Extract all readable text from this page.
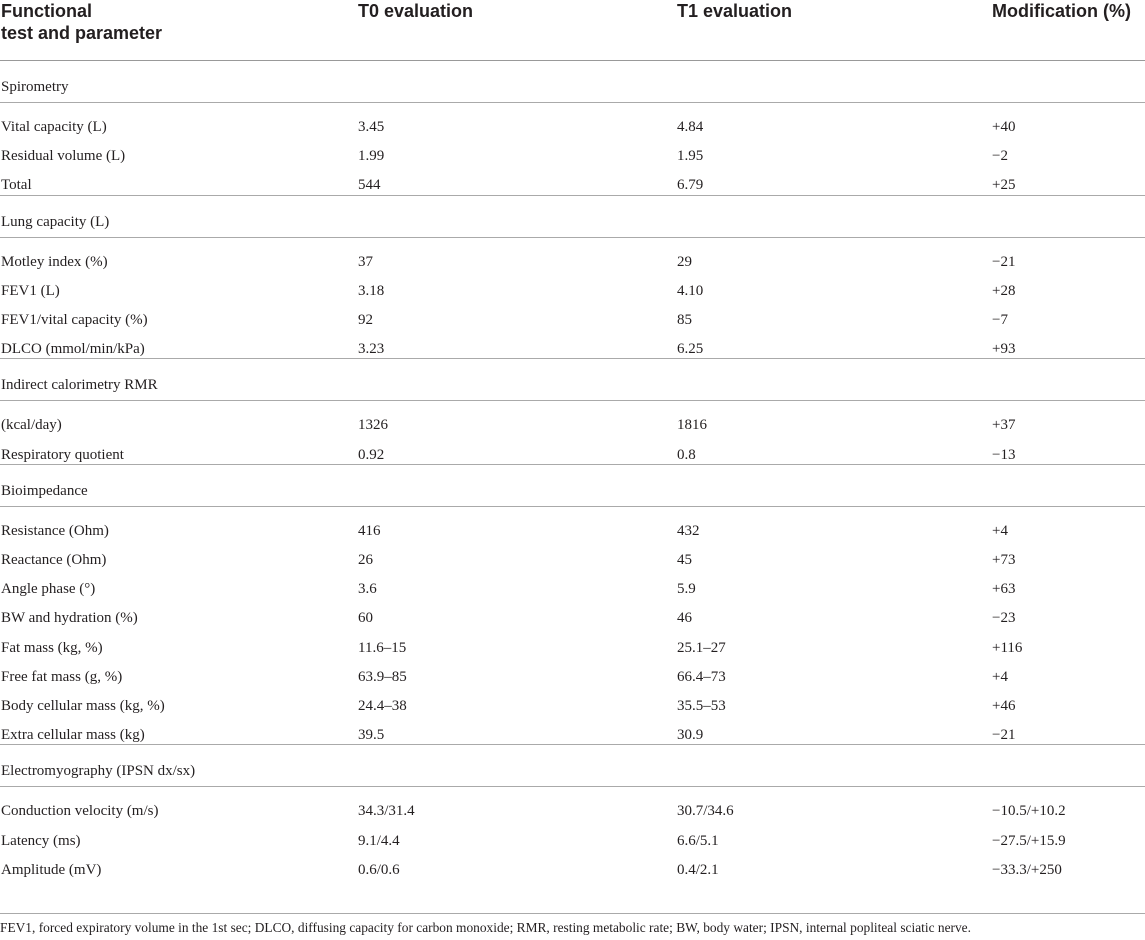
Functional
test and parameter
T0 evaluation	T1 evaluation	Modification (%)
Spirometry
Vital capacity (L)	3.45	4.84	+40
Residual volume (L)	1.99	1.95	−2
Total	544	6.79	+25
Lung capacity (L)
Motley index (%)	37	29	−21
FEV1 (L)	3.18	4.10	+28
FEV1/vital capacity (%)	92	85	−7
DLCO (mmol/min/kPa)	3.23	6.25	+93
Indirect calorimetry RMR
(kcal/day)	1326	1816	+37
Respiratory quotient	0.92	0.8	−13
Bioimpedance
Resistance (Ohm)	416	432	+4
Reactance (Ohm)	26	45	+73
Angle phase (°)	3.6	5.9	+63
BW and hydration (%)	60	46	−23
Fat mass (kg, %)	11.6–15	25.1–27	+116
Free fat mass (g, %)	63.9–85	66.4–73	+4
Body cellular mass (kg, %)	24.4–38	35.5–53	+46
Extra cellular mass (kg)	39.5	30.9	−21
Electromyography (IPSN dx/sx)
Conduction velocity (m/s)	34.3/31.4	30.7/34.6	−10.5/+10.2
Latency (ms)	9.1/4.4	6.6/5.1	−27.5/+15.9
Amplitude (mV)	0.6/0.6	0.4/2.1	−33.3/+250
FEV1, forced expiratory volume in the 1st sec; DLCO, diffusing capacity for carbon monoxide; RMR, resting metabolic rate; BW, body water; IPSN, internal popliteal sciatic nerve.
